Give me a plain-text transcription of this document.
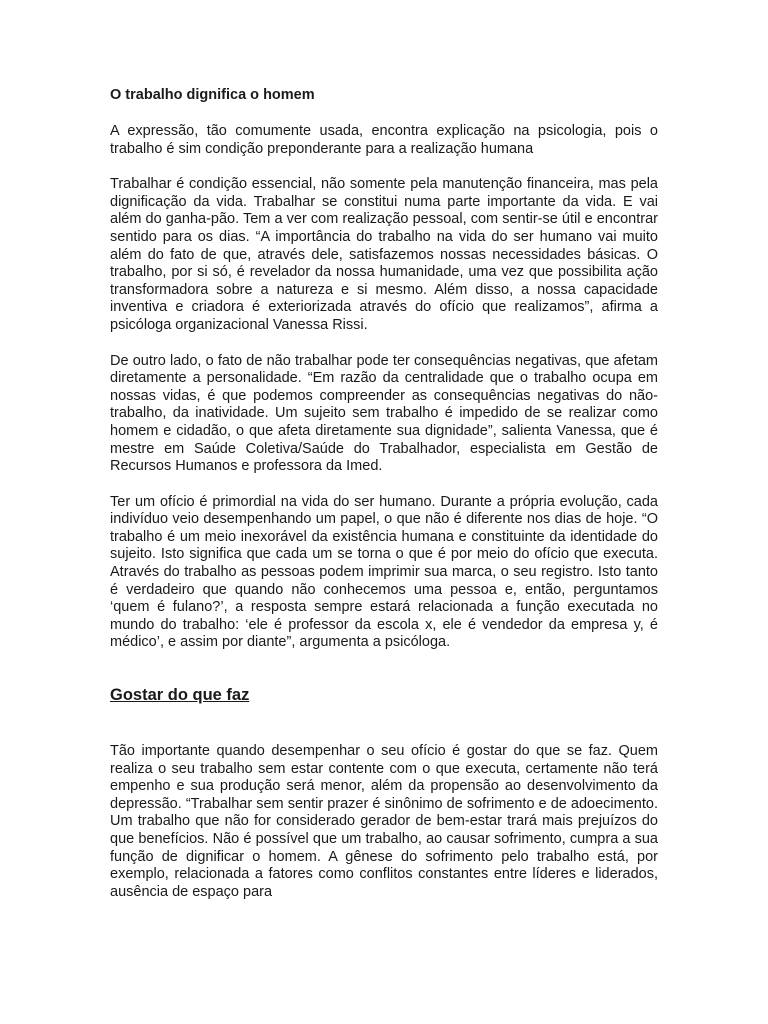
O trabalho dignifica o homem

A expressão, tão comumente usada, encontra explicação na psicologia, pois o trabalho é sim condição preponderante para a realização humana

Trabalhar é condição essencial, não somente pela manutenção financeira, mas pela dignificação da vida. Trabalhar se constitui numa parte importante da vida. E vai além do ganha-pão. Tem a ver com realização pessoal, com sentir-se útil e encontrar sentido para os dias. “A importância do trabalho na vida do ser humano vai muito além do fato de que, através dele, satisfazemos nossas necessidades básicas. O trabalho, por si só, é revelador da nossa humanidade, uma vez que possibilita ação transformadora sobre a natureza e si mesmo. Além disso, a nossa capacidade inventiva e criadora é exteriorizada através do ofício que realizamos”, afirma a psicóloga organizacional Vanessa Rissi.

De outro lado, o fato de não trabalhar pode ter consequências negativas, que afetam diretamente a personalidade. “Em razão da centralidade que o trabalho ocupa em nossas vidas, é que podemos compreender as consequências negativas do não-trabalho, da inatividade. Um sujeito sem trabalho é impedido de se realizar como homem e cidadão, o que afeta diretamente sua dignidade”, salienta Vanessa, que é mestre em Saúde Coletiva/Saúde do Trabalhador, especialista em Gestão de Recursos Humanos e professora da Imed.

Ter um ofício é primordial na vida do ser humano. Durante a própria evolução, cada indivíduo veio desempenhando um papel, o que não é diferente nos dias de hoje. “O trabalho é um meio inexorável da existência humana e constituinte da identidade do sujeito. Isto significa que cada um se torna o que é por meio do ofício que executa. Através do trabalho as pessoas podem imprimir sua marca, o seu registro. Isto tanto é verdadeiro que quando não conhecemos uma pessoa e, então, perguntamos ‘quem é fulano?’, a resposta sempre estará relacionada a função executada no mundo do trabalho: ‘ele é professor da escola x, ele é vendedor da empresa y, é médico’, e assim por diante”, argumenta a psicóloga.

Gostar do que faz

Tão importante quando desempenhar o seu ofício é gostar do que se faz. Quem realiza o seu trabalho sem estar contente com o que executa, certamente não terá empenho e sua produção será menor, além da propensão ao desenvolvimento da depressão. “Trabalhar sem sentir prazer é sinônimo de sofrimento e de adoecimento. Um trabalho que não for considerado gerador de bem-estar trará mais prejuízos do que benefícios. Não é possível que um trabalho, ao causar sofrimento, cumpra a sua função de dignificar o homem. A gênese do sofrimento pelo trabalho está, por exemplo, relacionada a fatores como conflitos constantes entre líderes e liderados, ausência de espaço para
